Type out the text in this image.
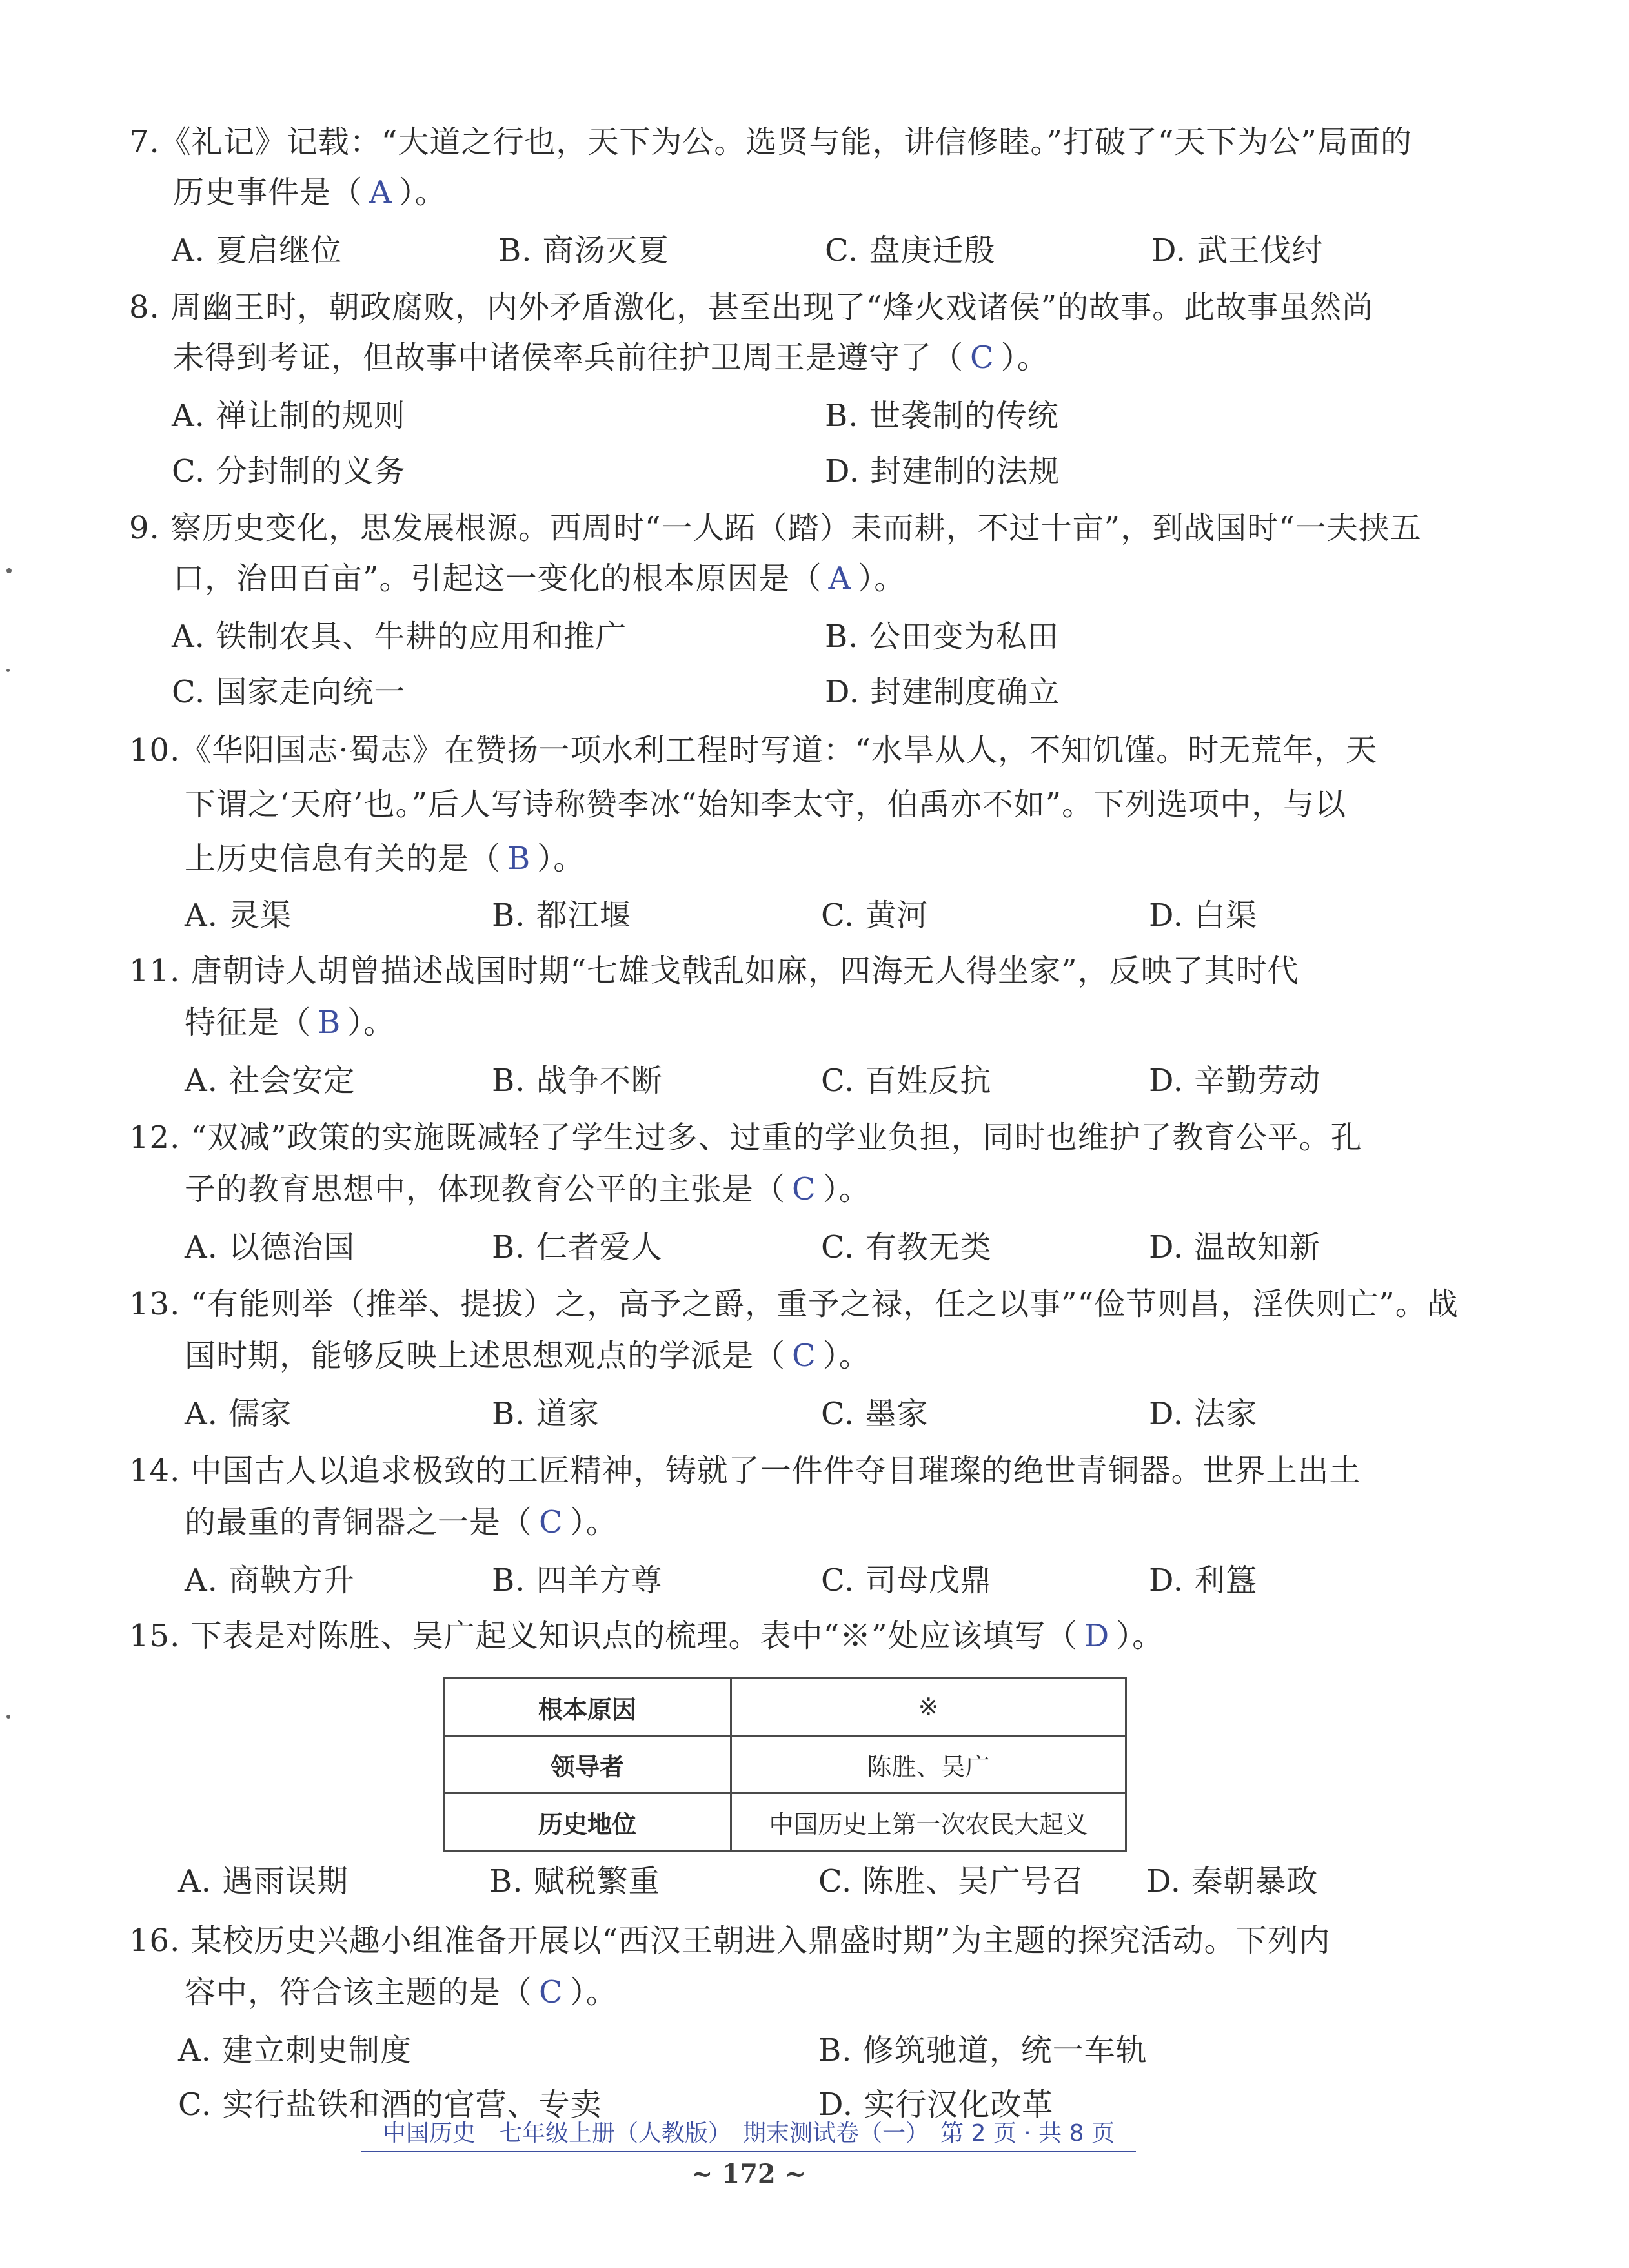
7.《礼记》记载：“大道之行也，天下为公。选贤与能，讲信修睦。”打破了“天下为公”局面的
历史事件是（ A ）。
A. 夏启继位	B. 商汤灭夏	C. 盘庚迁殷	D. 武王伐纣
8. 周幽王时，朝政腐败，内外矛盾激化，甚至出现了“烽火戏诸侯”的故事。此故事虽然尚
未得到考证，但故事中诸侯率兵前往护卫周王是遵守了（ C ）。
A. 禅让制的规则	B. 世袭制的传统
C. 分封制的义务	D. 封建制的法规
9. 察历史变化，思发展根源。西周时“一人跖（踏）耒而耕，不过十亩”，到战国时“一夫挟五
口，治田百亩”。引起这一变化的根本原因是（ A ）。
A. 铁制农具、牛耕的应用和推广	B. 公田变为私田
C. 国家走向统一	D. 封建制度确立
10.《华阳国志·蜀志》在赞扬一项水利工程时写道：“水旱从人，不知饥馑。时无荒年，天
下谓之‘天府’也。”后人写诗称赞李冰“始知李太守，伯禹亦不如”。下列选项中，与以
上历史信息有关的是（ B ）。
A. 灵渠	B. 都江堰	C. 黄河	D. 白渠
11. 唐朝诗人胡曾描述战国时期“七雄戈戟乱如麻，四海无人得坐家”，反映了其时代
特征是（ B ）。
A. 社会安定	B. 战争不断	C. 百姓反抗	D. 辛勤劳动
12. “双减”政策的实施既减轻了学生过多、过重的学业负担，同时也维护了教育公平。孔
子的教育思想中，体现教育公平的主张是（ C ）。
A. 以德治国	B. 仁者爱人	C. 有教无类	D. 温故知新
13. “有能则举（推举、提拔）之，高予之爵，重予之禄，任之以事”“俭节则昌，淫佚则亡”。战
国时期，能够反映上述思想观点的学派是（ C ）。
A. 儒家	B. 道家	C. 墨家	D. 法家
14. 中国古人以追求极致的工匠精神，铸就了一件件夺目璀璨的绝世青铜器。世界上出土
的最重的青铜器之一是（ C ）。
A. 商鞅方升	B. 四羊方尊	C. 司母戊鼎	D. 利簋
15. 下表是对陈胜、吴广起义知识点的梳理。表中“※”处应该填写（ D ）。
A. 遇雨误期	B. 赋税繁重	C. 陈胜、吴广号召 D. 秦朝暴政
根本原因	※
领导者	陈胜、吴广
历史地位	中国历史上第一次农民大起义
16. 某校历史兴趣小组准备开展以“西汉王朝进入鼎盛时期”为主题的探究活动。下列内
容中，符合该主题的是（ C ）。
A. 建立刺史制度	B. 修筑驰道，统一车轨
C. 实行盐铁和酒的官营、专卖	D. 实行汉化改革
中国历史　七年级上册（人教版）　期末测试卷（一）　第 2 页 · 共 8 页
~ 172 ~
